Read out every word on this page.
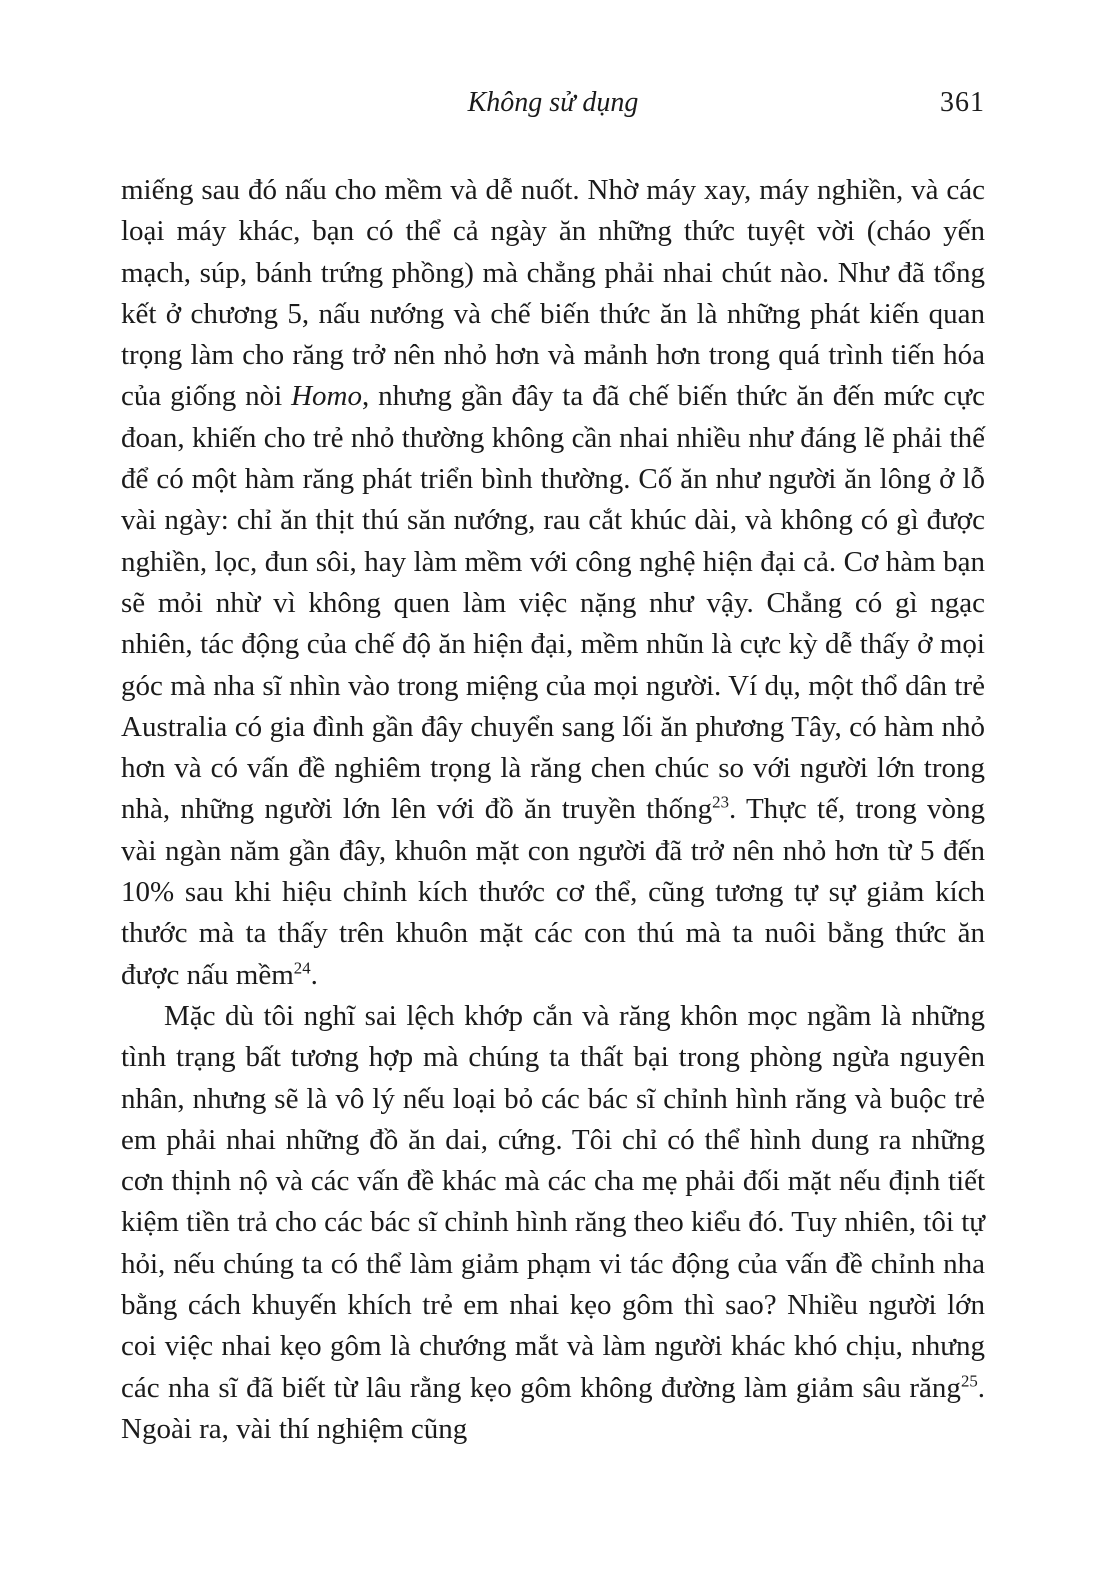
Không sử dụng	361

miếng sau đó nấu cho mềm và dễ nuốt. Nhờ máy xay, máy nghiền, và các loại máy khác, bạn có thể cả ngày ăn những thức tuyệt vời (cháo yến mạch, súp, bánh trứng phồng) mà chẳng phải nhai chút nào. Như đã tổng kết ở chương 5, nấu nướng và chế biến thức ăn là những phát kiến quan trọng làm cho răng trở nên nhỏ hơn và mảnh hơn trong quá trình tiến hóa của giống nòi Homo, nhưng gần đây ta đã chế biến thức ăn đến mức cực đoan, khiến cho trẻ nhỏ thường không cần nhai nhiều như đáng lẽ phải thế để có một hàm răng phát triển bình thường. Cố ăn như người ăn lông ở lỗ vài ngày: chỉ ăn thịt thú săn nướng, rau cắt khúc dài, và không có gì được nghiền, lọc, đun sôi, hay làm mềm với công nghệ hiện đại cả. Cơ hàm bạn sẽ mỏi nhừ vì không quen làm việc nặng như vậy. Chẳng có gì ngạc nhiên, tác động của chế độ ăn hiện đại, mềm nhũn là cực kỳ dễ thấy ở mọi góc mà nha sĩ nhìn vào trong miệng của mọi người. Ví dụ, một thổ dân trẻ Australia có gia đình gần đây chuyển sang lối ăn phương Tây, có hàm nhỏ hơn và có vấn đề nghiêm trọng là răng chen chúc so với người lớn trong nhà, những người lớn lên với đồ ăn truyền thống$^{23}$. Thực tế, trong vòng vài ngàn năm gần đây, khuôn mặt con người đã trở nên nhỏ hơn từ 5 đến 10% sau khi hiệu chỉnh kích thước cơ thể, cũng tương tự sự giảm kích thước mà ta thấy trên khuôn mặt các con thú mà ta nuôi bằng thức ăn được nấu mềm$^{24}$.

Mặc dù tôi nghĩ sai lệch khớp cắn và răng khôn mọc ngầm là những tình trạng bất tương hợp mà chúng ta thất bại trong phòng ngừa nguyên nhân, nhưng sẽ là vô lý nếu loại bỏ các bác sĩ chỉnh hình răng và buộc trẻ em phải nhai những đồ ăn dai, cứng. Tôi chỉ có thể hình dung ra những cơn thịnh nộ và các vấn đề khác mà các cha mẹ phải đối mặt nếu định tiết kiệm tiền trả cho các bác sĩ chỉnh hình răng theo kiểu đó. Tuy nhiên, tôi tự hỏi, nếu chúng ta có thể làm giảm phạm vi tác động của vấn đề chỉnh nha bằng cách khuyến khích trẻ em nhai kẹo gôm thì sao? Nhiều người lớn coi việc nhai kẹo gôm là chướng mắt và làm người khác khó chịu, nhưng các nha sĩ đã biết từ lâu rằng kẹo gôm không đường làm giảm sâu răng$^{25}$. Ngoài ra, vài thí nghiệm cũng
